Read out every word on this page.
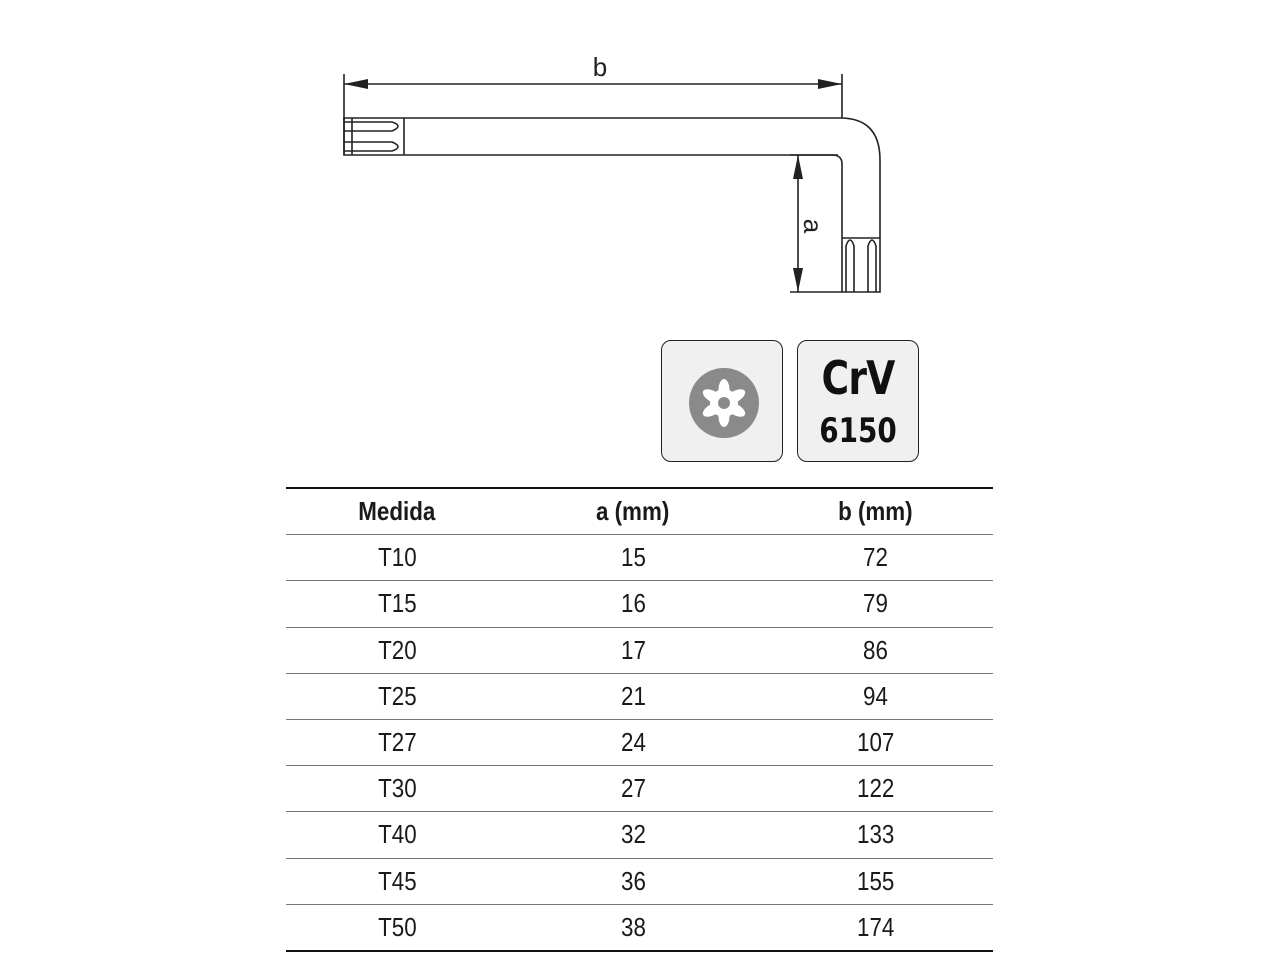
b
a
CrV
6150
Medida	a (mm)	b (mm)
T10	15	72
T15	16	79
T20	17	86
T25	21	94
T27	24	107
T30	27	122
T40	32	133
T45	36	155
T50	38	174
